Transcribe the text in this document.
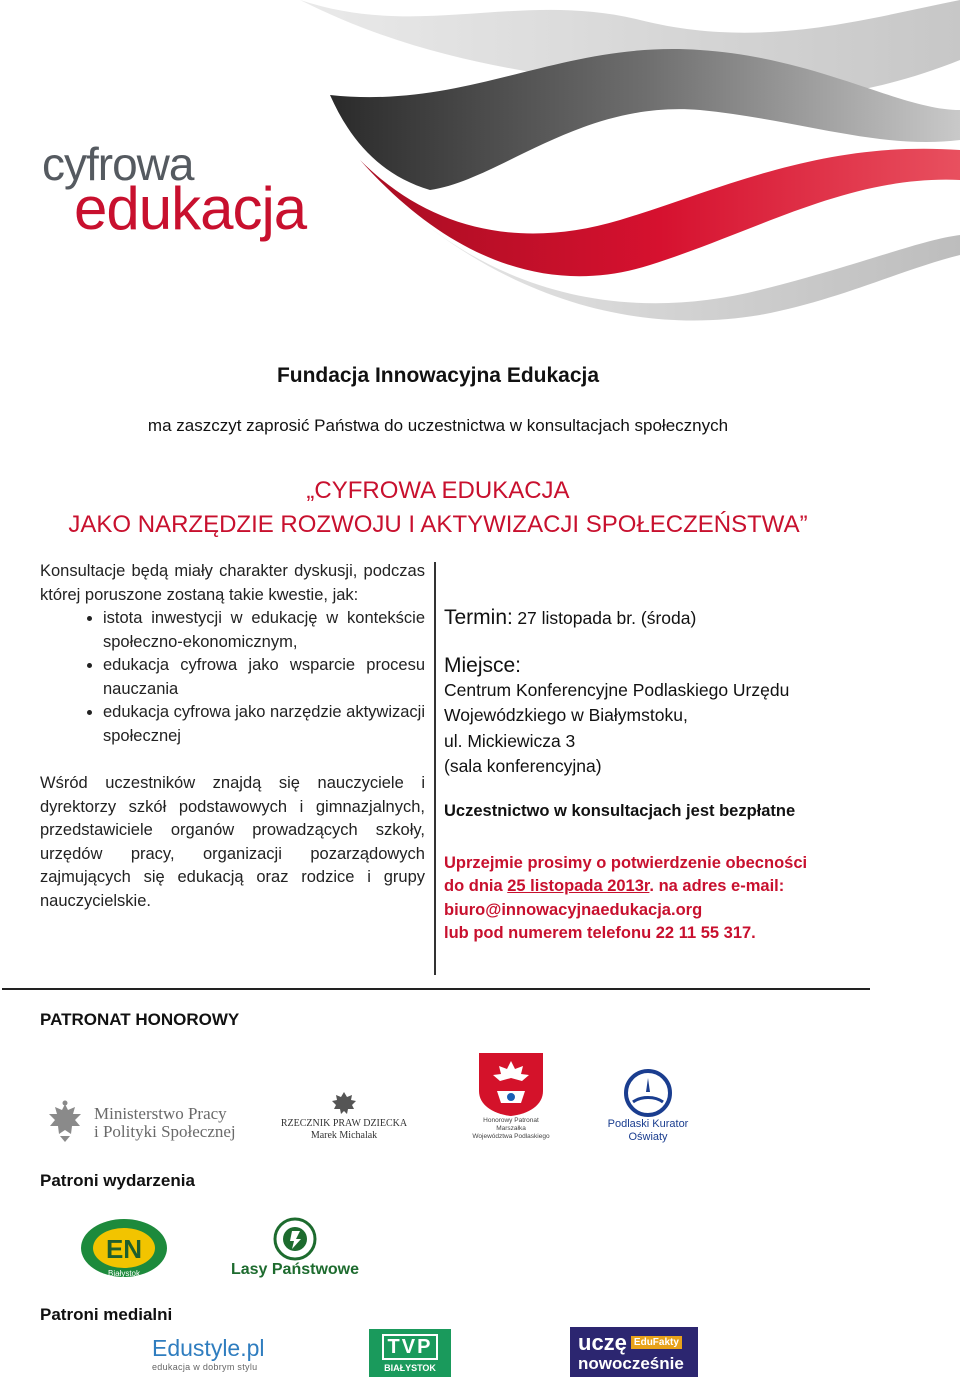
cyfrowa
edukacja
Fundacja Innowacyjna Edukacja
ma zaszczyt zaprosić Państwa do uczestnictwa w konsultacjach społecznych
„CYFROWA EDUKACJA
JAKO NARZĘDZIE ROZWOJU I AKTYWIZACJI SPOŁECZEŃSTWA”

Konsultacje będą miały charakter dyskusji, podczas której poruszone zostaną takie kwestie, jak:

• istota inwestycji w edukację w kontekście społeczno-ekonomicznym,
• edukacja cyfrowa jako wsparcie procesu nauczania
• edukacja cyfrowa jako narzędzie aktywizacji społecznej

Wśród uczestników znajdą się nauczyciele i dyrektorzy szkół podstawowych i gimnazjalnych, przedstawiciele organów prowadzących szkoły, urzędów pracy, organizacji pozarządowych zajmujących się edukacją oraz rodzice i grupy nauczycielskie.

Termin: 27 listopada br. (środa)
Miejsce:
Centrum Konferencyjne Podlaskiego Urzędu
Wojewódzkiego w Białymstoku,
ul. Mickiewicza 3
(sala konferencyjna)
Uczestnictwo w konsultacjach jest bezpłatne
Uprzejmie prosimy o potwierdzenie obecności
do dnia 25 listopada 2013r. na adres e-mail:
biuro@innowacyjnaedukacja.org
lub pod numerem telefonu 22 11 55 317.
PATRONAT HONOROWY
Ministerstwo Pracy
i Polityki Społecznej	RZECZNIK PRAW DZIECKA
Marek Michalak
Honorowy Patronat
Marszałka
Województwa Podlaskiego
Podlaski Kurator
Oświaty
Patroni wydarzenia
EN
Białystok	Lasy Państwowe
Patroni medialni
Edustyle.pl
edukacja w dobrym stylu
TVP
BIAŁYSTOK
uczę EduFakty
nowocześnie
